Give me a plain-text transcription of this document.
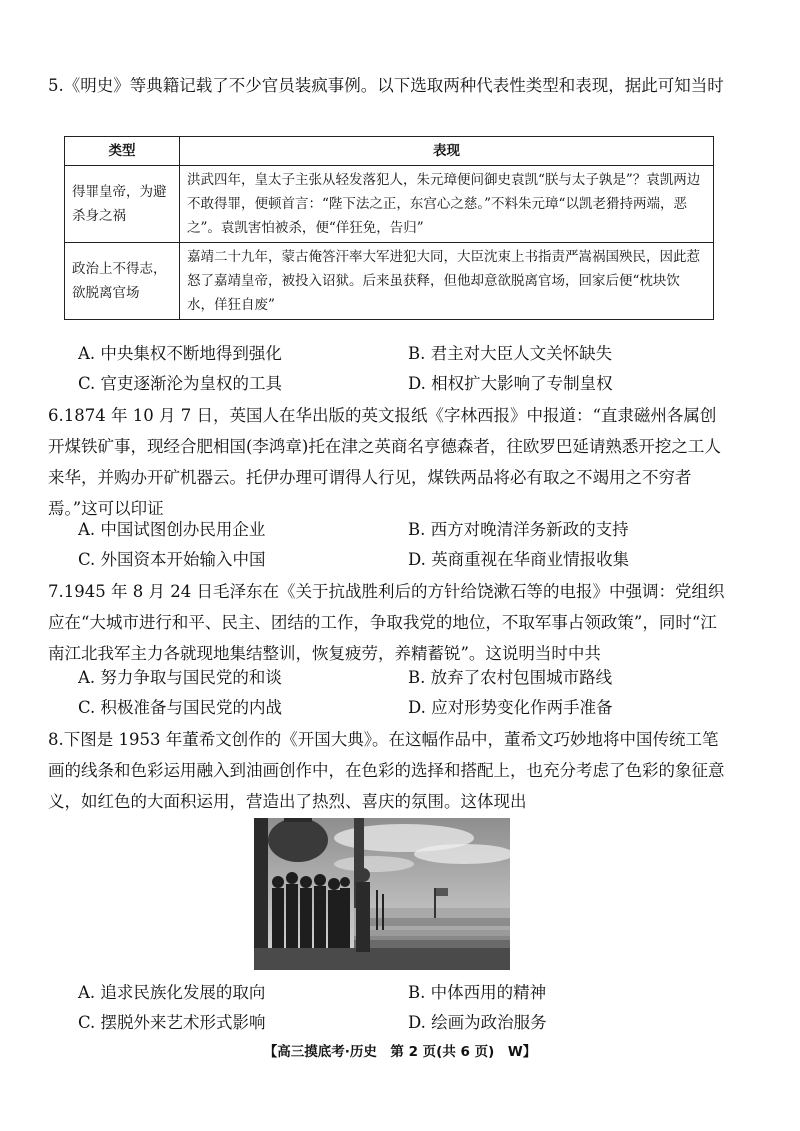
5.《明史》等典籍记载了不少官员装疯事例。以下选取两种代表性类型和表现，据此可知当时
类型	表现
得罪皇帝，为避杀身之祸	洪武四年，皇太子主张从轻发落犯人，朱元璋便问御史袁凯“朕与太子孰是”？袁凯两边不敢得罪，便顿首言：“陛下法之正，东宫心之慈。”不料朱元璋“以凯老猾持两端，恶之”。袁凯害怕被杀，便“佯狂免，告归”
政治上不得志，欲脱离官场	嘉靖二十九年，蒙古俺答汗率大军进犯大同，大臣沈束上书指责严嵩祸国殃民，因此惹怒了嘉靖皇帝，被投入诏狱。后来虽获释，但他却意欲脱离官场，回家后便“枕块饮水，佯狂自废”
A. 中央集权不断地得到强化	B. 君主对大臣人文关怀缺失
C. 官吏逐渐沦为皇权的工具	D. 相权扩大影响了专制皇权
6.1874 年 10 月 7 日，英国人在华出版的英文报纸《字林西报》中报道：“直隶磁州各属创开煤铁矿事，现经合肥相国(李鸿章)托在津之英商名亨德森者，往欧罗巴延请熟悉开挖之工人来华，并购办开矿机器云。托伊办理可谓得人行见，煤铁两品将必有取之不竭用之不穷者焉。”这可以印证
A. 中国试图创办民用企业	B. 西方对晚清洋务新政的支持
C. 外国资本开始输入中国	D. 英商重视在华商业情报收集
7.1945 年 8 月 24 日毛泽东在《关于抗战胜利后的方针给饶漱石等的电报》中强调：党组织应在“大城市进行和平、民主、团结的工作，争取我党的地位，不取军事占领政策”，同时“江南江北我军主力各就现地集结整训，恢复疲劳，养精蓄锐”。这说明当时中共
A. 努力争取与国民党的和谈	B. 放弃了农村包围城市路线
C. 积极准备与国民党的内战	D. 应对形势变化作两手准备
8.下图是 1953 年董希文创作的《开国大典》。在这幅作品中，董希文巧妙地将中国传统工笔画的线条和色彩运用融入到油画创作中，在色彩的选择和搭配上，也充分考虑了色彩的象征意义，如红色的大面积运用，营造出了热烈、喜庆的氛围。这体现出
A. 追求民族化发展的取向	B. 中体西用的精神
C. 摆脱外来艺术形式影响	D. 绘画为政治服务
【高三摸底考·历史　第 2 页(共 6 页)　W】
